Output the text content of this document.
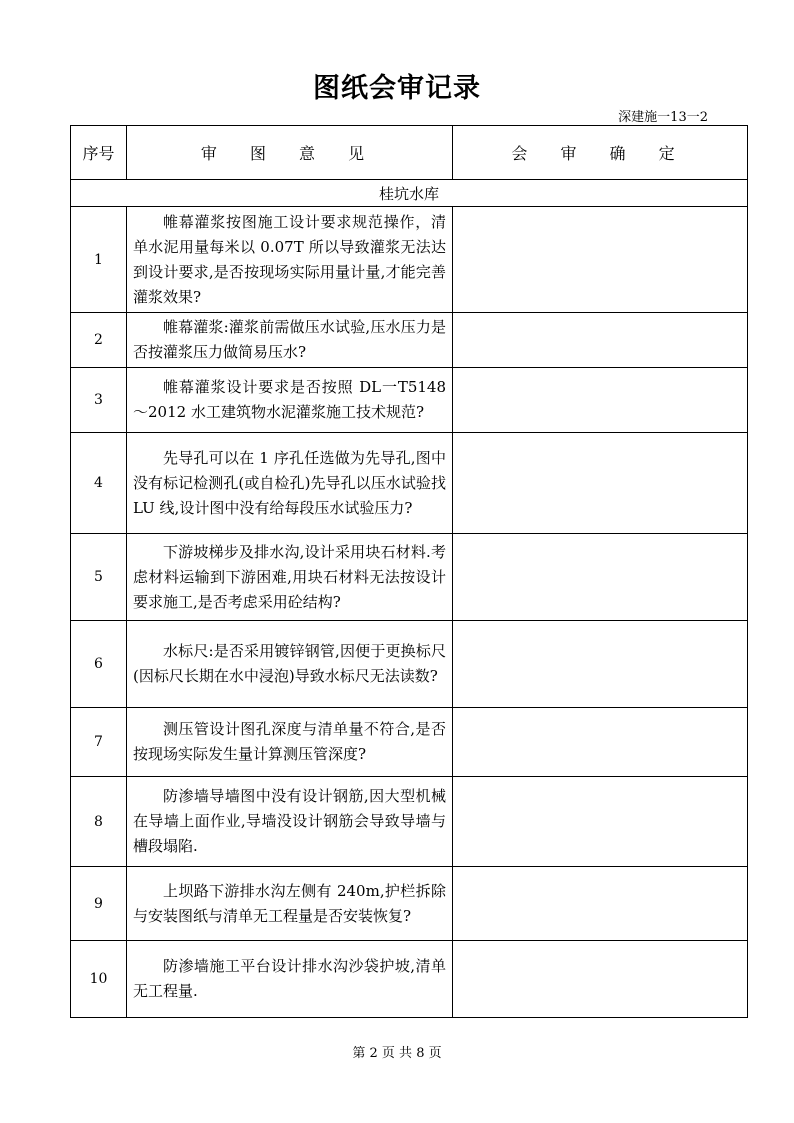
图纸会审记录
深建施一13一2
序号	审 图 意 见	会 审 确 定
桂坑水库		
1	帷幕灌浆按图施工设计要求规范操作，清单水泥用量每米以 0.07T 所以导致灌浆无法达到设计要求,是否按现场实际用量计量,才能完善灌浆效果?	
2	帷幕灌浆:灌浆前需做压水试验,压水压力是否按灌浆压力做简易压水?	
3	帷幕灌浆设计要求是否按照 DL一T5148～2012 水工建筑物水泥灌浆施工技术规范?	
4	先导孔可以在 1 序孔任选做为先导孔,图中没有标记检测孔(或自检孔)先导孔以压水试验找 LU 线,设计图中没有给每段压水试验压力?	
5	下游坡梯步及排水沟,设计采用块石材料.考虑材料运输到下游困难,用块石材料无法按设计要求施工,是否考虑采用砼结构?	
6	水标尺:是否采用镀锌钢管,因便于更换标尺(因标尺长期在水中浸泡)导致水标尺无法读数?	
7	测压管设计图孔深度与清单量不符合,是否按现场实际发生量计算测压管深度?	
8	防渗墙导墙图中没有设计钢筋,因大型机械在导墙上面作业,导墙没设计钢筋会导致导墙与槽段塌陷.	
9	上坝路下游排水沟左侧有 240m,护栏拆除与安装图纸与清单无工程量是否安装恢复?	
10	防渗墙施工平台设计排水沟沙袋护坡,清单无工程量.	
第 2 页 共 8 页
